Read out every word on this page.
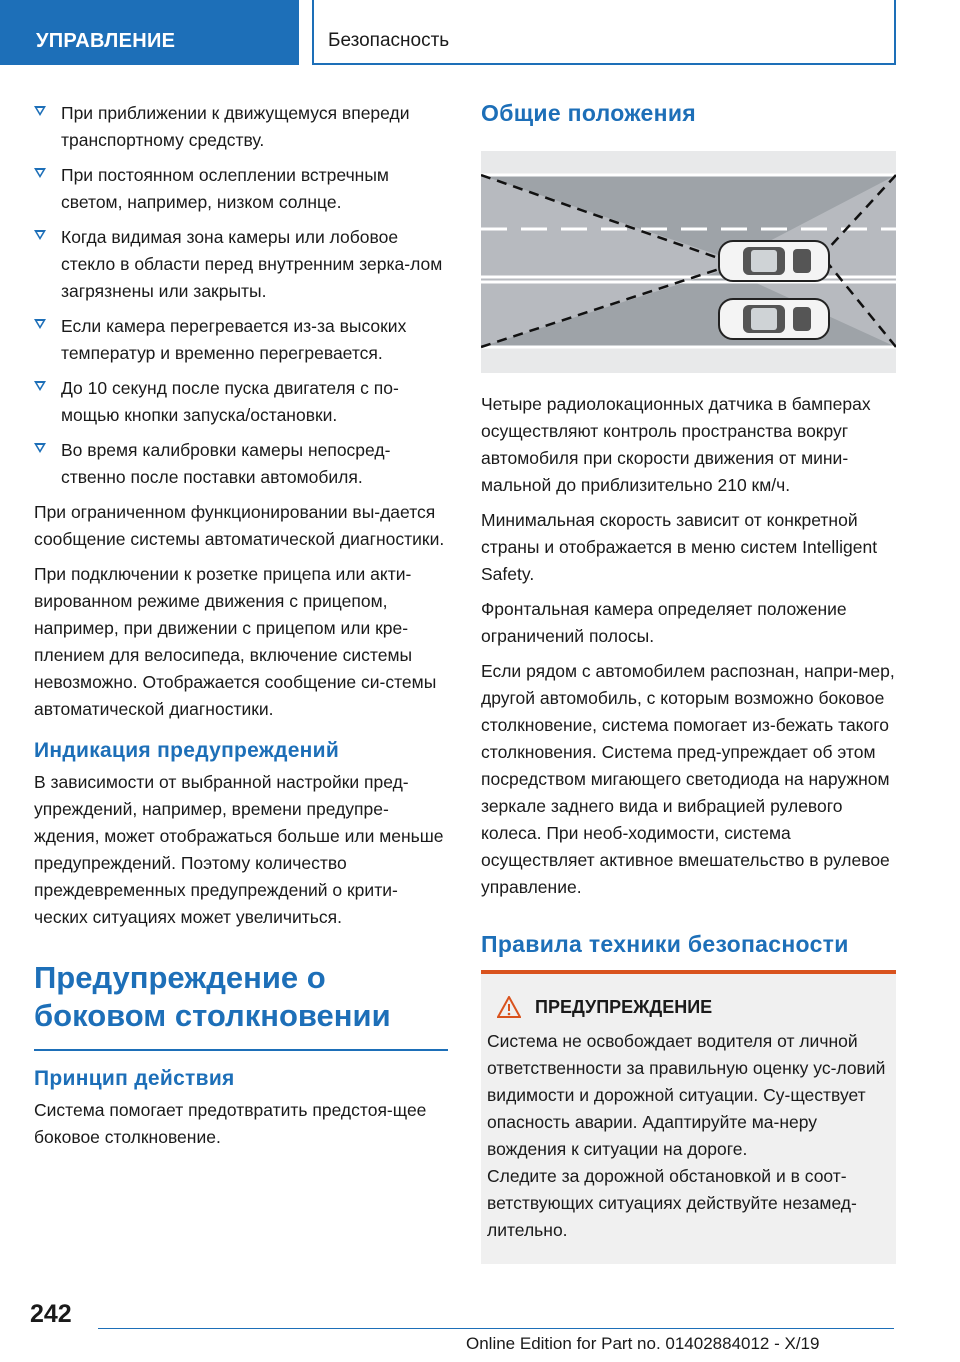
УПРАВЛЕНИЕ	Безопасность
При приближении к движущемуся впереди транспортному средству.
При постоянном ослеплении встречным светом, например, низком солнце.
Когда видимая зона камеры или лобовое стекло в области перед внутренним зерка-лом загрязнены или закрыты.
Если камера перегревается из-за высоких температур и временно перегревается.
До 10 секунд после пуска двигателя с по-мощью кнопки запуска/остановки.
Во время калибровки камеры непосред-ственно после поставки автомобиля.

При ограниченном функционировании вы-дается сообщение системы автоматической диагностики.

При подключении к розетке прицепа или акти-вированном режиме движения с прицепом, например, при движении с прицепом или кре-плением для велосипеда, включение системы невозможно. Отображается сообщение си-стемы автоматической диагностики.

Индикация предупреждений

В зависимости от выбранной настройки пред-упреждений, например, времени предупре-ждения, может отображаться больше или меньше предупреждений. Поэтому количество преждевременных предупреждений о крити-ческих ситуациях может увеличиться.

Предупреждение о боковом столкновении
Принцип действия

Система помогает предотвратить предстоя-щее боковое столкновение.

Общие положения

Четыре радиолокационных датчика в бамперах осуществляют контроль пространства вокруг автомобиля при скорости движения от мини-мальной до приблизительно 210 км/ч.

Минимальная скорость зависит от конкретной страны и отображается в меню систем Intelligent Safety.

Фронтальная камера определяет положение ограничений полосы.

Если рядом с автомобилем распознан, напри-мер, другой автомобиль, с которым возможно боковое столкновение, система помогает из-бежать такого столкновения. Система пред-упреждает об этом посредством мигающего светодиода на наружном зеркале заднего вида и вибрацией рулевого колеса. При необ-ходимости, система осуществляет активное вмешательство в рулевое управление.

Правила техники безопасности
ПРЕДУПРЕЖДЕНИЕ

Система не освобождает водителя от личной ответственности за правильную оценку ус-ловий видимости и дорожной ситуации. Су-ществует опасность аварии. Адаптируйте ма-неру вождения к ситуации на дороге.

Следите за дорожной обстановкой и в соот-ветствующих ситуациях действуйте незамед-лительно.

242
Online Edition for Part no. 01402884012 - X/19
